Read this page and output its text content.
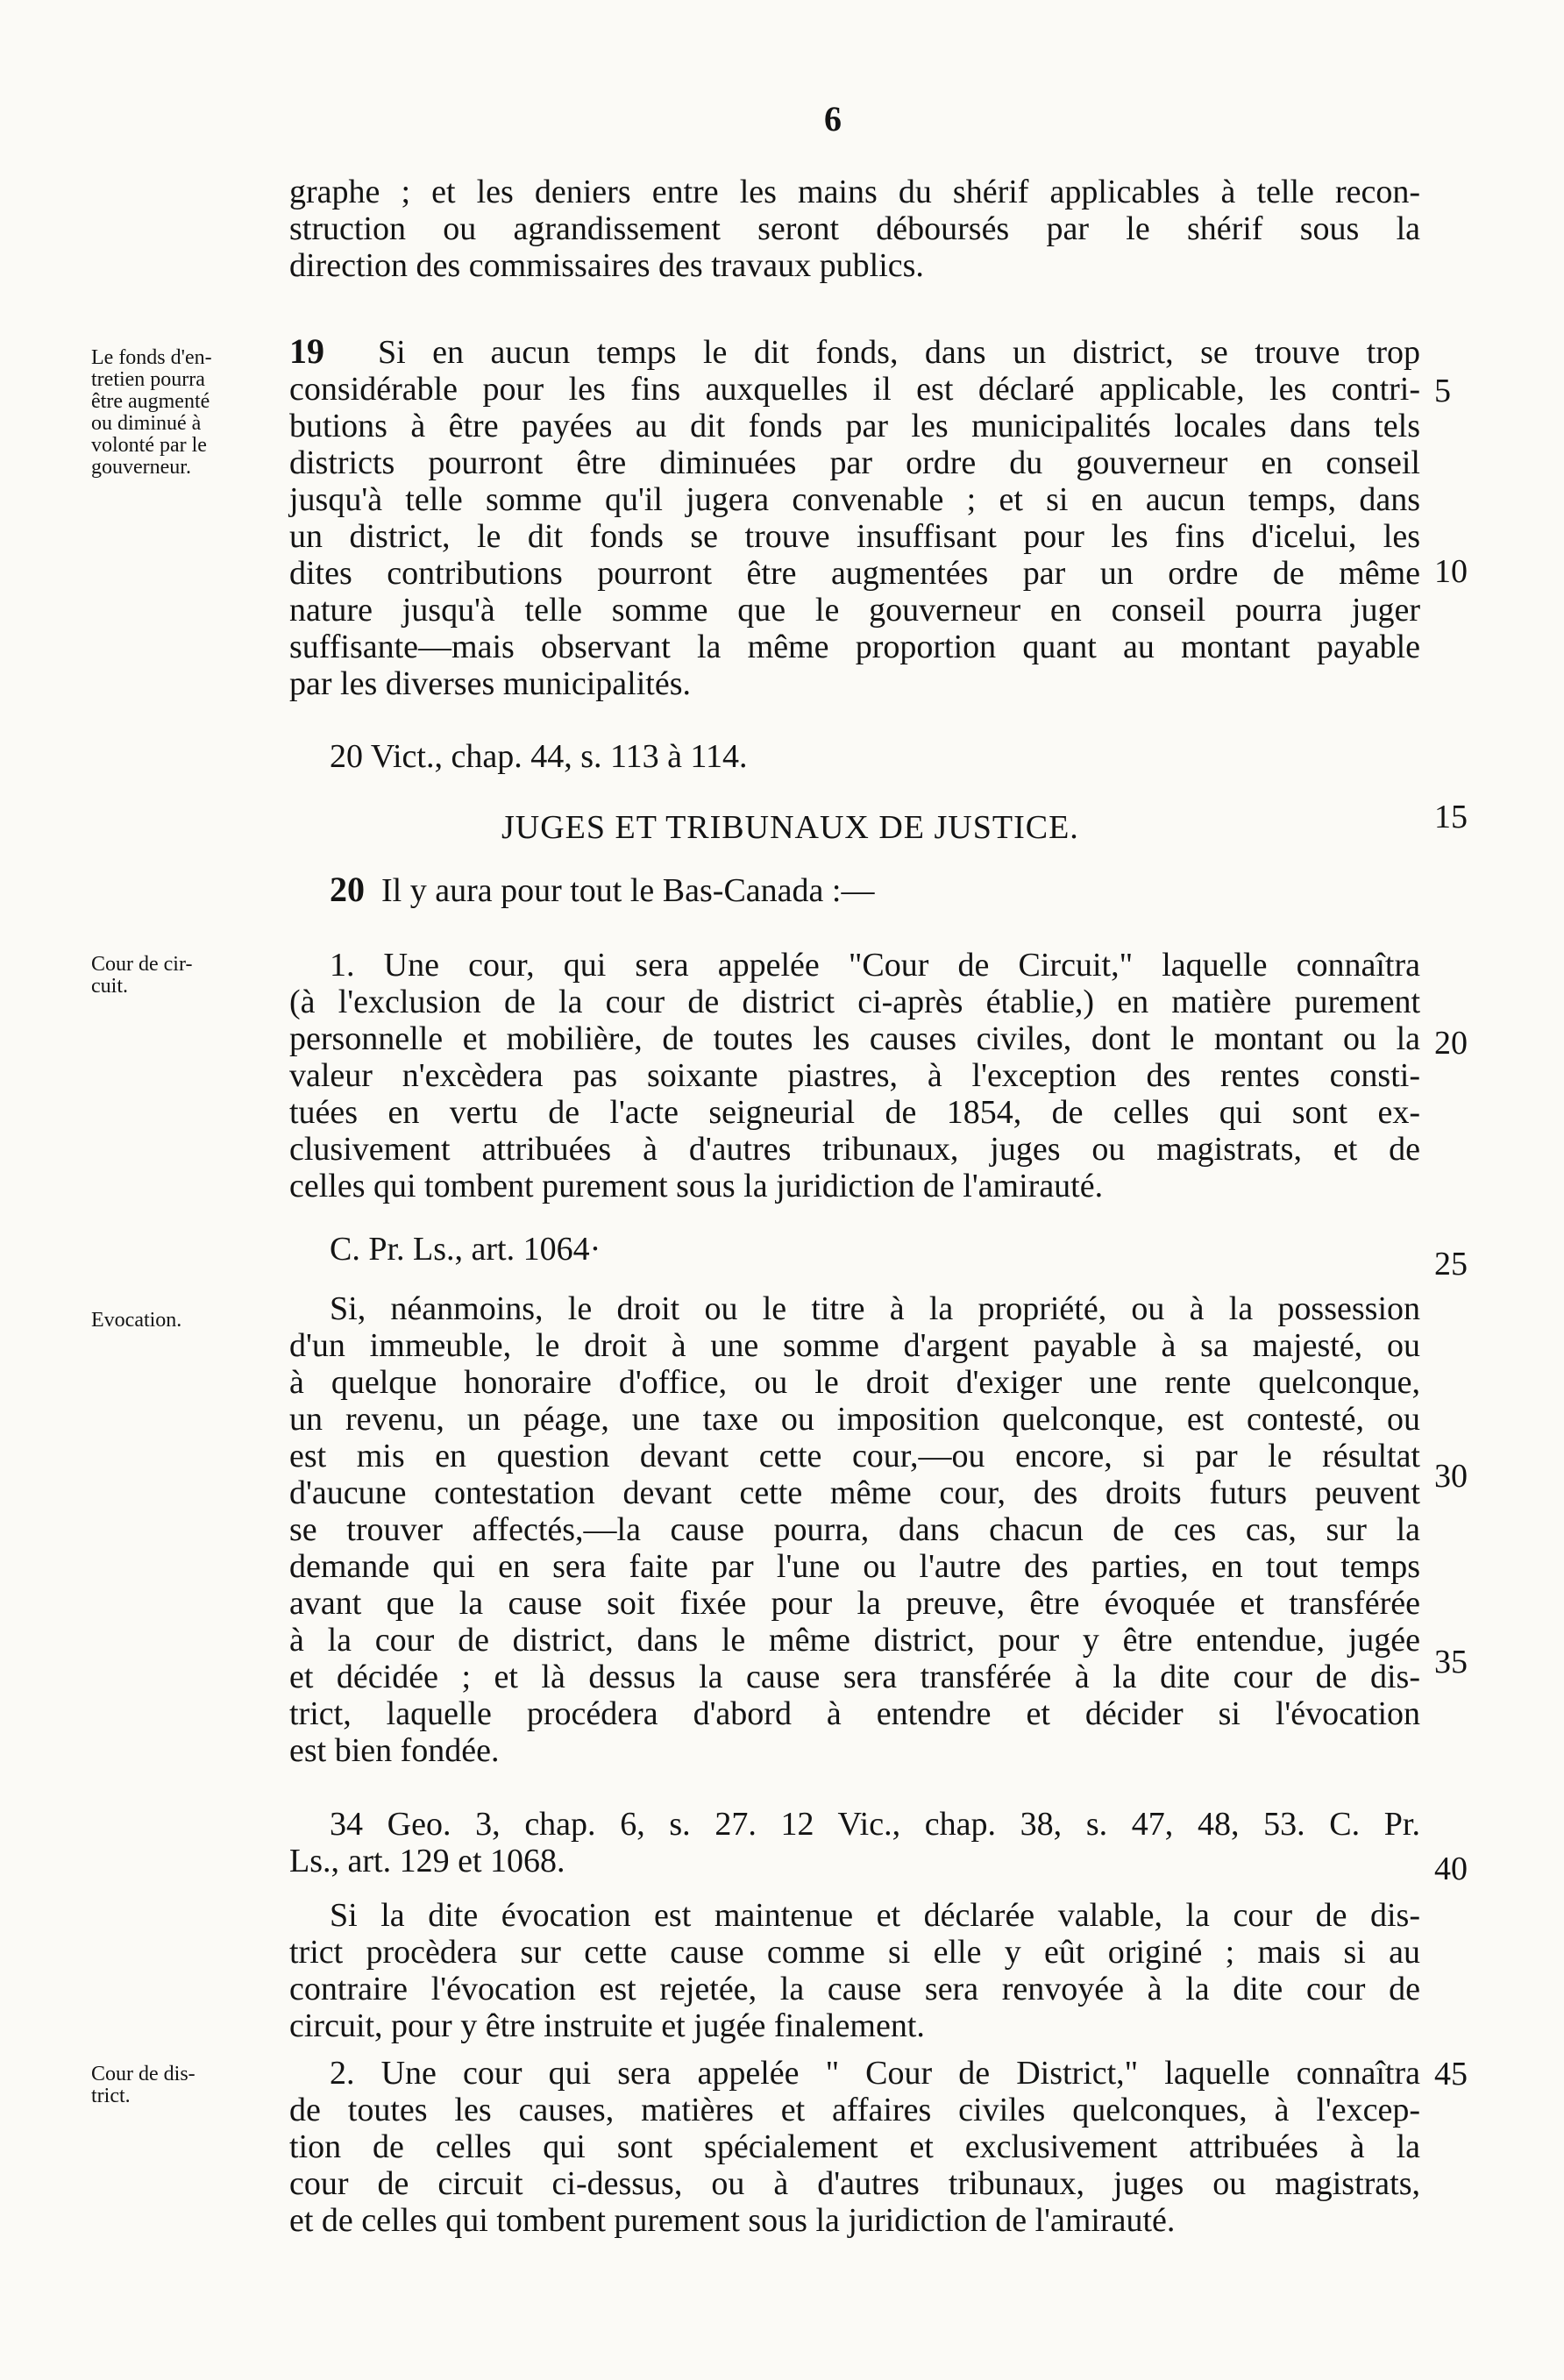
6
graphe ; et les deniers entre les mains du shérif applicables à telle recon-
struction ou agrandissement seront déboursés par le shérif sous la
direction des commissaires des travaux publics.
Le fonds d'en-
tretien pourra
être augmenté
ou diminué à
volonté par le
gouverneur.
19 Si en aucun temps le dit fonds, dans un district, se trouve trop
considérable pour les fins auxquelles il est déclaré applicable, les contri-
butions à être payées au dit fonds par les municipalités locales dans tels
districts pourront être diminuées par ordre du gouverneur en conseil
jusqu'à telle somme qu'il jugera convenable ; et si en aucun temps, dans
un district, le dit fonds se trouve insuffisant pour les fins d'icelui, les
dites contributions pourront être augmentées par un ordre de même
nature jusqu'à telle somme que le gouverneur en conseil pourra juger
suffisante—mais observant la même proportion quant au montant payable
par les diverses municipalités.
20 Vict., chap. 44, s. 113 à 114.
JUGES ET TRIBUNAUX DE JUSTICE.
20 Il y aura pour tout le Bas-Canada :—
Cour de cir-
cuit.
1. Une cour, qui sera appelée "Cour de Circuit," laquelle connaîtra
(à l'exclusion de la cour de district ci-après établie,) en matière purement
personnelle et mobilière, de toutes les causes civiles, dont le montant ou la
valeur n'excèdera pas soixante piastres, à l'exception des rentes consti-
tuées en vertu de l'acte seigneurial de 1854, de celles qui sont ex-
clusivement attribuées à d'autres tribunaux, juges ou magistrats, et de
celles qui tombent purement sous la juridiction de l'amirauté.
C. Pr. Ls., art. 1064·
Evocation.	Si, néanmoins, le droit ou le titre à la propriété, ou à la possession
d'un immeuble, le droit à une somme d'argent payable à sa majesté, ou
à quelque honoraire d'office, ou le droit d'exiger une rente quelconque,
un revenu, un péage, une taxe ou imposition quelconque, est contesté, ou
est mis en question devant cette cour,—ou encore, si par le résultat
d'aucune contestation devant cette même cour, des droits futurs peuvent
se trouver affectés,—la cause pourra, dans chacun de ces cas, sur la
demande qui en sera faite par l'une ou l'autre des parties, en tout temps
avant que la cause soit fixée pour la preuve, être évoquée et transférée
à la cour de district, dans le même district, pour y être entendue, jugée
et décidée ; et là dessus la cause sera transférée à la dite cour de dis-
trict, laquelle procédera d'abord à entendre et décider si l'évocation
est bien fondée.
34 Geo. 3, chap. 6, s. 27. 12 Vic., chap. 38, s. 47, 48, 53. C. Pr.
Ls., art. 129 et 1068.
Si la dite évocation est maintenue et déclarée valable, la cour de dis-
trict procèdera sur cette cause comme si elle y eût originé ; mais si au
contraire l'évocation est rejetée, la cause sera renvoyée à la dite cour de
circuit, pour y être instruite et jugée finalement.
Cour de dis-
trict.
2. Une cour qui sera appelée " Cour de District," laquelle connaîtra
de toutes les causes, matières et affaires civiles quelconques, à l'excep-
tion de celles qui sont spécialement et exclusivement attribuées à la
cour de circuit ci-dessus, ou à d'autres tribunaux, juges ou magistrats,
et de celles qui tombent purement sous la juridiction de l'amirauté.
5
10
15
20
25
30
35
40
45
